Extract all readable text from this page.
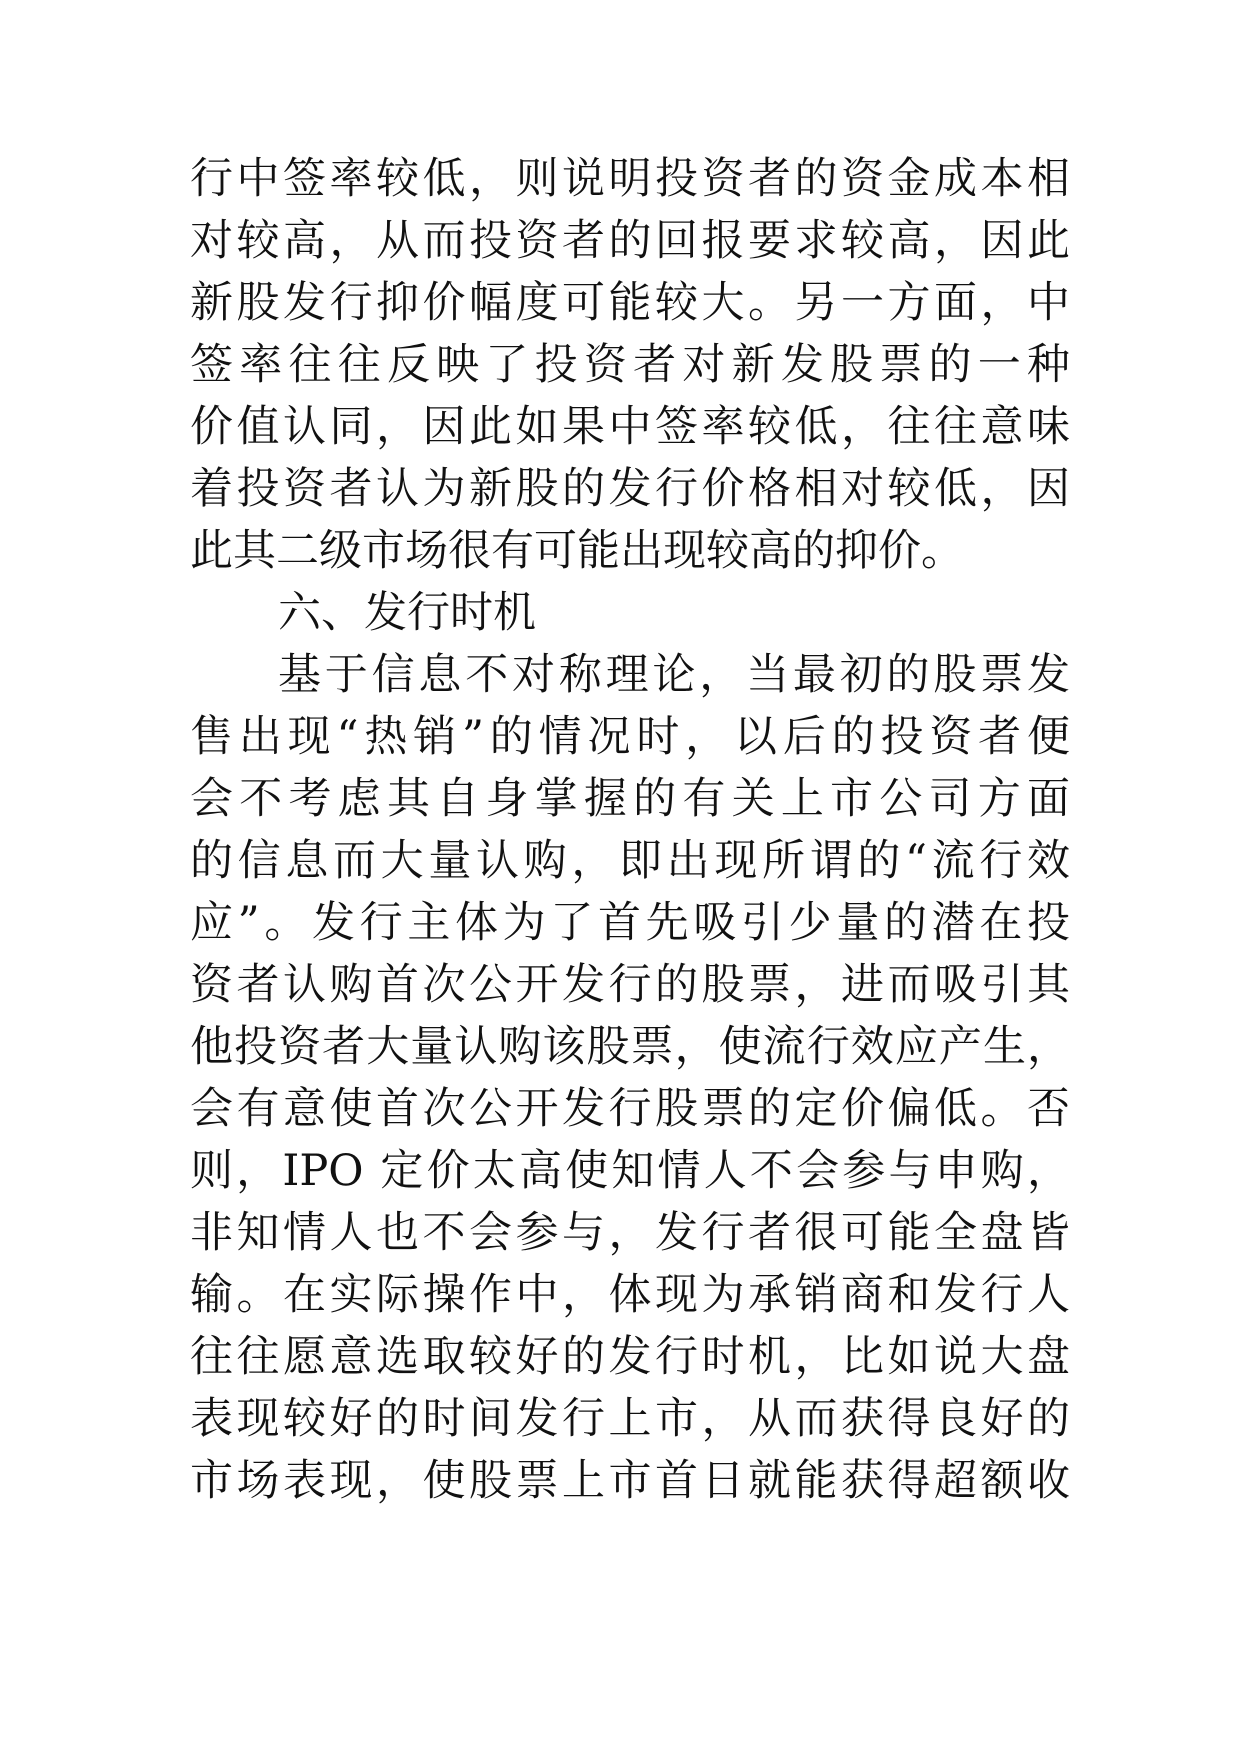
行中签率较低，则说明投资者的资金成本相
对较高，从而投资者的回报要求较高，因此
新股发行抑价幅度可能较大。另一方面，中
签率往往反映了投资者对新发股票的一种
价值认同，因此如果中签率较低，往往意味
着投资者认为新股的发行价格相对较低，因
此其二级市场很有可能出现较高的抑价。
六、发行时机
基于信息不对称理论，当最初的股票发
售出现“热销”的情况时，以后的投资者便
会不考虑其自身掌握的有关上市公司方面
的信息而大量认购，即出现所谓的“流行效
应”。发行主体为了首先吸引少量的潜在投
资者认购首次公开发行的股票，进而吸引其
他投资者大量认购该股票，使流行效应产生，
会有意使首次公开发行股票的定价偏低。否
则，IPO 定价太高使知情人不会参与申购，
非知情人也不会参与，发行者很可能全盘皆
输。在实际操作中，体现为承销商和发行人
往往愿意选取较好的发行时机，比如说大盘
表现较好的时间发行上市，从而获得良好的
市场表现，使股票上市首日就能获得超额收
